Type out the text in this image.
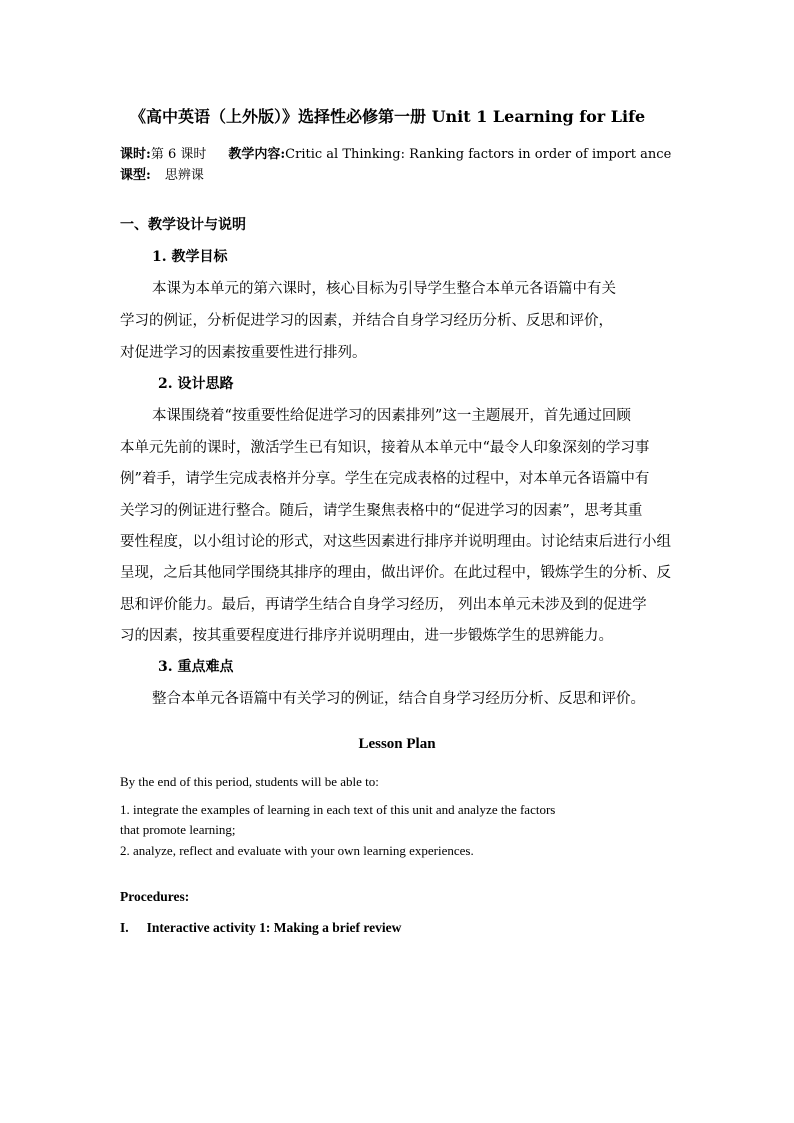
《高中英语（上外版）》选择性必修第一册 Unit 1 Learning for Life
课时:第 6 课时 教学内容:Critic al Thinking: Ranking factors in order of import ance
课型: 思辨课
一、教学设计与说明
1. 教学目标
本课为本单元的第六课时，核心目标为引导学生整合本单元各语篇中有关
学习的例证，分析促进学习的因素，并结合自身学习经历分析、反思和评价，
对促进学习的因素按重要性进行排列。
2. 设计思路
本课围绕着“按重要性给促进学习的因素排列”这一主题展开，首先通过回顾
本单元先前的课时，激活学生已有知识，接着从本单元中“最令人印象深刻的学习事
例”着手，请学生完成表格并分享。学生在完成表格的过程中，对本单元各语篇中有
关学习的例证进行整合。随后，请学生聚焦表格中的“促进学习的因素”，思考其重
要性程度，以小组讨论的形式，对这些因素进行排序并说明理由。讨论结束后进行小组
呈现，之后其他同学围绕其排序的理由，做出评价。在此过程中，锻炼学生的分析、反
思和评价能力。最后，再请学生结合自身学习经历， 列出本单元未涉及到的促进学
习的因素，按其重要程度进行排序并说明理由，进一步锻炼学生的思辨能力。
3. 重点难点
整合本单元各语篇中有关学习的例证，结合自身学习经历分析、反思和评价。
Lesson Plan
By the end of this period, students will be able to:
1. integrate the examples of learning in each text of this unit and analyze the factors
that promote learning;
2. analyze, reflect and evaluate with your own learning experiences.
Procedures:
I. Interactive activity 1: Making a brief review
